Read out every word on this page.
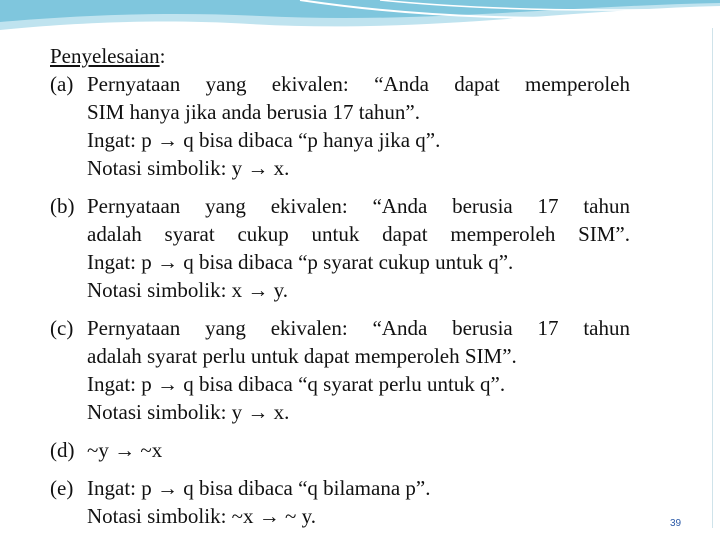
Penyelesaian:
(a) Pernyataan yang ekivalen: “Anda dapat memperoleh
SIM hanya jika anda berusia 17 tahun”.
Ingat: p → q bisa dibaca “p hanya jika q”.
Notasi simbolik: y → x.
(b) Pernyataan yang ekivalen: “Anda berusia 17 tahun
adalah syarat cukup untuk dapat memperoleh SIM”.
Ingat: p → q bisa dibaca “p syarat cukup untuk q”.
Notasi simbolik: x → y.
(c) Pernyataan yang ekivalen: “Anda berusia 17 tahun
adalah syarat perlu untuk dapat memperoleh SIM”.
Ingat: p → q bisa dibaca “q syarat perlu untuk q”.
Notasi simbolik: y → x.
(d) ~y → ~x
(e) Ingat: p → q bisa dibaca “q bilamana p”.
Notasi simbolik: ~x → ~ y.	39
